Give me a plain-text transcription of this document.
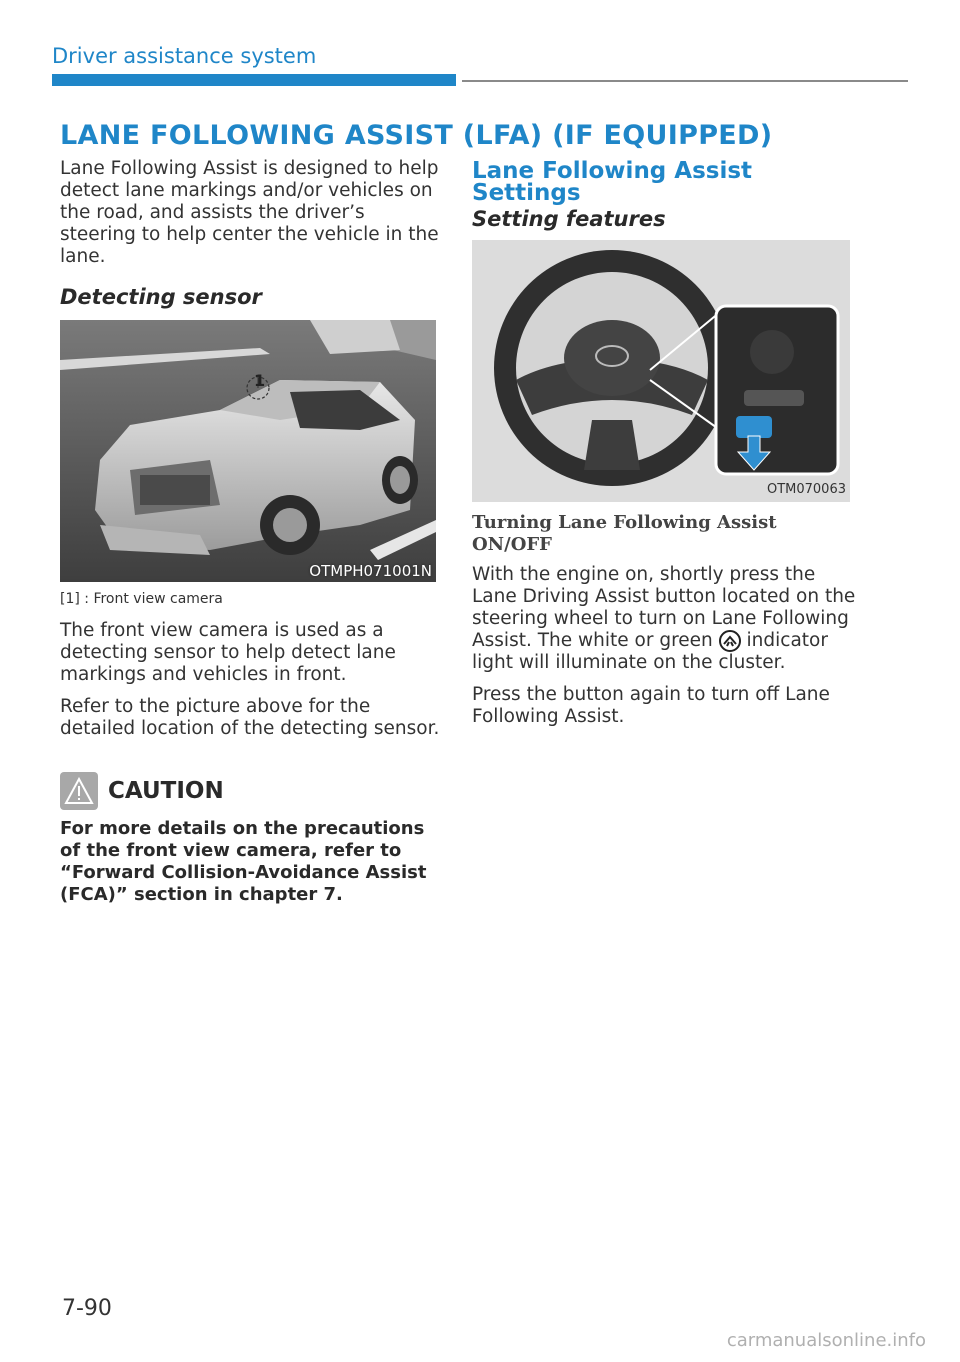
Driver assistance system
LANE FOLLOWING ASSIST (LFA) (IF EQUIPPED)

Lane Following Assist is designed to help detect lane markings and/or vehicles on the road, and assists the driver’s steering to help center the vehicle in the lane.

Detecting sensor
1
OTMPH071001N
[1] : Front view camera

The front view camera is used as a detecting sensor to help detect lane markings and vehicles in front.

Refer to the picture above for the detailed location of the detecting sensor.

CAUTION
For more details on the precautions of the front view camera, refer to “Forward Collision-Avoidance Assist (FCA)” section in chapter 7.
Lane Following Assist Settings
Setting features
OTM070063
Turning Lane Following Assist ON/OFF

With the engine on, shortly press the Lane Driving Assist button located on the steering wheel to turn on Lane Following Assist. The white or green indicator light will illuminate on the cluster.

Press the button again to turn off Lane Following Assist.

7-90
carmanualsonline.info
